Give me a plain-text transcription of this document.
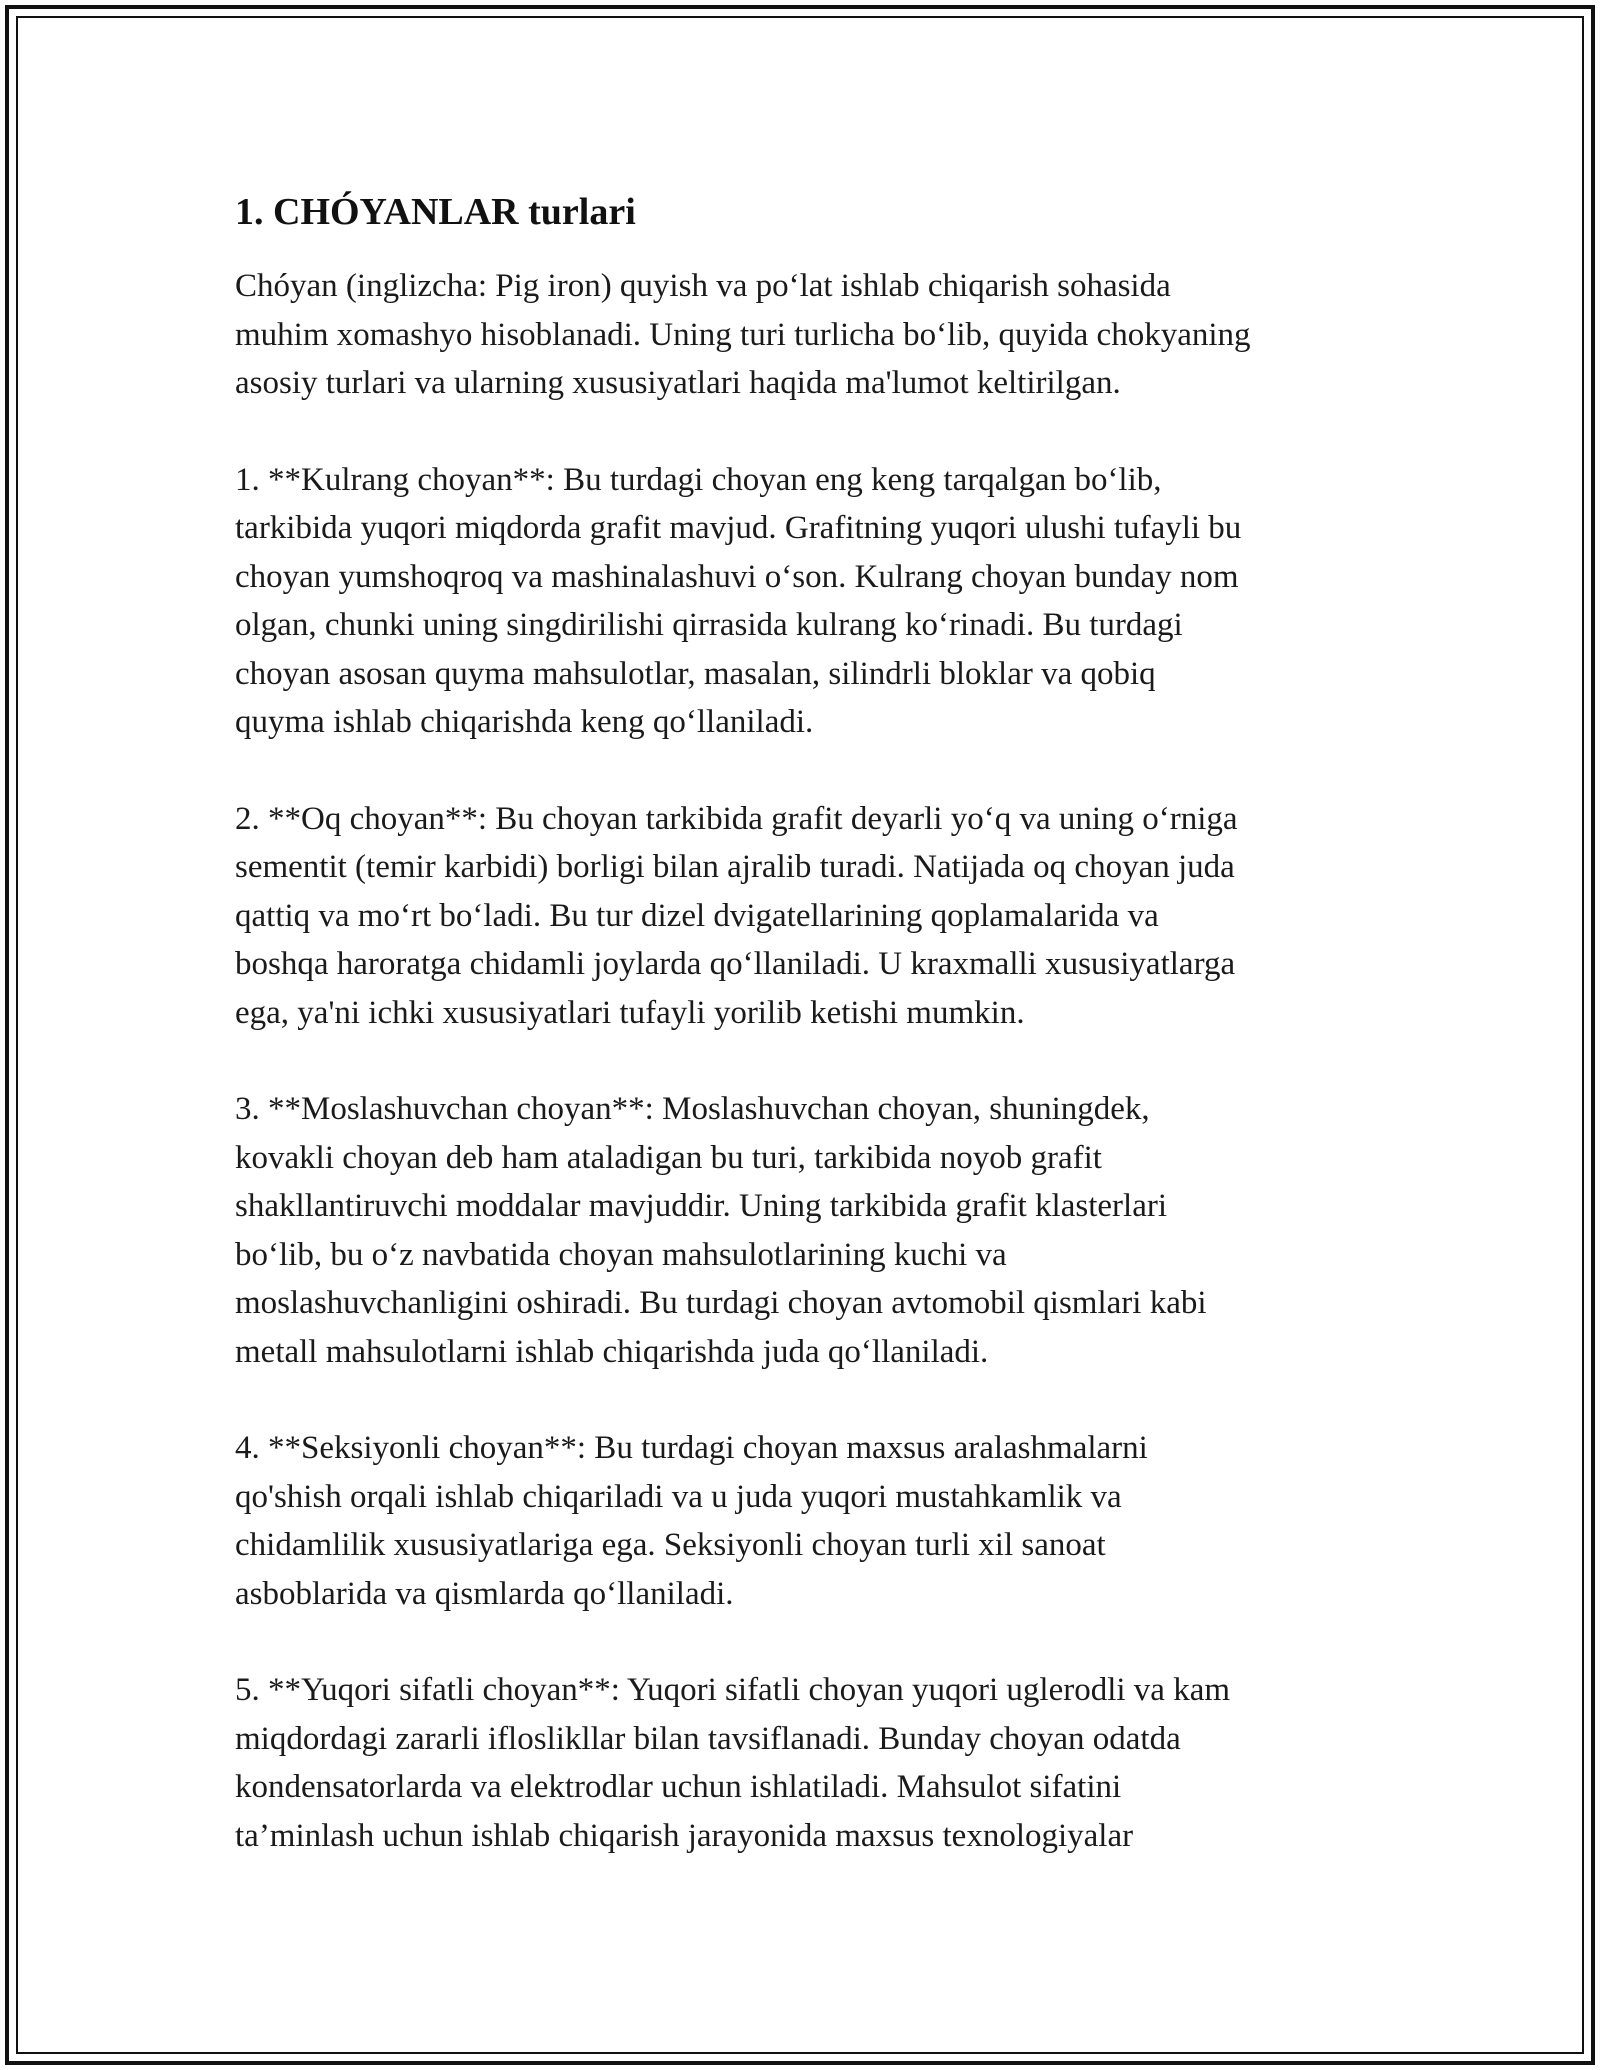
1. CHÓYANLAR turlari

Chóyan (inglizcha: Pig iron) quyish va po‘lat ishlab chiqarish sohasida
muhim xomashyo hisoblanadi. Uning turi turlicha bo‘lib, quyida chokyaning
asosiy turlari va ularning xususiyatlari haqida ma'lumot keltirilgan.

1. **Kulrang choyan**: Bu turdagi choyan eng keng tarqalgan bo‘lib,
tarkibida yuqori miqdorda grafit mavjud. Grafitning yuqori ulushi tufayli bu
choyan yumshoqroq va mashinalashuvi o‘son. Kulrang choyan bunday nom
olgan, chunki uning singdirilishi qirrasida kulrang ko‘rinadi. Bu turdagi
choyan asosan quyma mahsulotlar, masalan, silindrli bloklar va qobiq
quyma ishlab chiqarishda keng qo‘llaniladi.

2. **Oq choyan**: Bu choyan tarkibida grafit deyarli yo‘q va uning o‘rniga
sementit (temir karbidi) borligi bilan ajralib turadi. Natijada oq choyan juda
qattiq va mo‘rt bo‘ladi. Bu tur dizel dvigatellarining qoplamalarida va
boshqa haroratga chidamli joylarda qo‘llaniladi. U kraxmalli xususiyatlarga
ega, ya'ni ichki xususiyatlari tufayli yorilib ketishi mumkin.

3. **Moslashuvchan choyan**: Moslashuvchan choyan, shuningdek,
kovakli choyan deb ham ataladigan bu turi, tarkibida noyob grafit
shakllantiruvchi moddalar mavjuddir. Uning tarkibida grafit klasterlari
bo‘lib, bu o‘z navbatida choyan mahsulotlarining kuchi va
moslashuvchanligini oshiradi. Bu turdagi choyan avtomobil qismlari kabi
metall mahsulotlarni ishlab chiqarishda juda qo‘llaniladi.

4. **Seksiyonli choyan**: Bu turdagi choyan maxsus aralashmalarni
qo'shish orqali ishlab chiqariladi va u juda yuqori mustahkamlik va
chidamlilik xususiyatlariga ega. Seksiyonli choyan turli xil sanoat
asboblarida va qismlarda qo‘llaniladi.

5. **Yuqori sifatli choyan**: Yuqori sifatli choyan yuqori uglerodli va kam
miqdordagi zararli ifloslikllar bilan tavsiflanadi. Bunday choyan odatda
kondensatorlarda va elektrodlar uchun ishlatiladi. Mahsulot sifatini
ta’minlash uchun ishlab chiqarish jarayonida maxsus texnologiyalar
